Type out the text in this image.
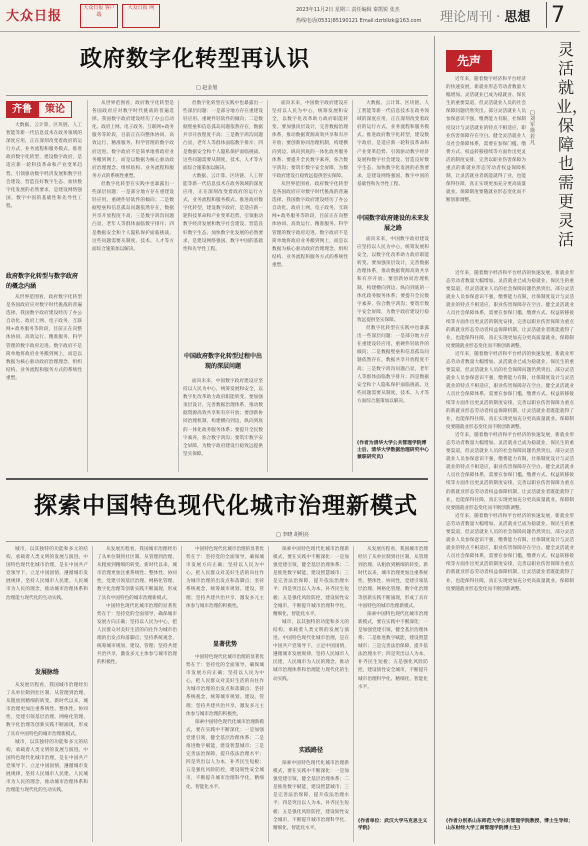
大众日报
大众日报 客户端
大众日报 网	2023年11月2日 星期三 责任编辑 秦凯锐 张杰
热线电话(0531)85190121 Email:dzrbllzk@163.com 理论周刊 · 思想 7
政府数字化转型再认识
□ 赵金旭
齐鲁	策论

大数据、云计算、区块链、人工智能等新一代信息技术在政务领域的深度应用，正在深刻改变着政府的运行方式、业务流程和服务模式。推进政府数字化转型，建设数字政府，是适应新一轮科技革命和产业变革趋势、引领驱动数字经济发展和数字社会建设、营造良好数字生态、加快数字化发展的必然要求，是建设网络强国、数字中国的基础性和先导性工程。

政府数字化转型与数字政府的概念内涵

从世界范围看，政府数字化转型是各国政府应对数字时代挑战的普遍选择。我国数字政府建设经历了办公自动化、政府上网、电子政务、互联网+政务服务等阶段，目前正在向整体协同、高效运行、精准服务、科学管理的数字政府迈进。数字政府不是简单地将政府业务搬到网上，而是以数据为核心驱动政府治理理念、组织结构、业务流程和服务方式的系统性重塑。

从世界范围看，政府数字化转型是各国政府应对数字时代挑战的普遍选择。我国数字政府建设经历了办公自动化、政府上网、电子政务、互联网+政务服务等阶段，目前正在向整体协同、高效运行、精准服务、科学管理的数字政府迈进。数字政府不是简单地将政府业务搬到网上，而是以数据为核心驱动政府治理理念、组织结构、业务流程和服务方式的系统性重塑。

但数字化转型在实践中也暴露出一些深层问题：一是部分地方存在重建设轻应用、重硬件轻软件的倾向；二是数据壁垒和信息孤岛问题依然存在，数据共享开放程度不高；三是数字鸿沟问题凸显，老年人等群体面临数字排斥；四是数据安全和个人隐私保护面临挑战。这些问题需要从制度、技术、人才等方面综合施策加以解决。

但数字化转型在实践中也暴露出一些深层问题：一是部分地方存在重建设轻应用、重硬件轻软件的倾向；二是数据壁垒和信息孤岛问题依然存在，数据共享开放程度不高；三是数字鸿沟问题凸显，老年人等群体面临数字排斥；四是数据安全和个人隐私保护面临挑战。这些问题需要从制度、技术、人才等方面综合施策加以解决。

大数据、云计算、区块链、人工智能等新一代信息技术在政务领域的深度应用，正在深刻改变着政府的运行方式、业务流程和服务模式。推进政府数字化转型，建设数字政府，是适应新一轮科技革命和产业变革趋势、引领驱动数字经济发展和数字社会建设、营造良好数字生态、加快数字化发展的必然要求，是建设网络强国、数字中国的基础性和先导性工程。

中国政府数字化转型过程中出现的深层问题

面向未来，中国数字政府建设应坚持以人民为中心，统筹发展和安全，以数字化改革助力政府职能转变。要加强顶层设计，完善数据治理体系，推动数据资源高效共享和有序开放；要创新协同治理机制，构建横向到边、纵向到底的一体化政务服务体系；要提升全民数字素养，弥合数字鸿沟；要筑牢数字安全屏障，为数字政府建设行稳致远提供坚实保障。

面向未来，中国数字政府建设应坚持以人民为中心，统筹发展和安全，以数字化改革助力政府职能转变。要加强顶层设计，完善数据治理体系，推动数据资源高效共享和有序开放；要创新协同治理机制，构建横向到边、纵向到底的一体化政务服务体系；要提升全民数字素养，弥合数字鸿沟；要筑牢数字安全屏障，为数字政府建设行稳致远提供坚实保障。

从世界范围看，政府数字化转型是各国政府应对数字时代挑战的普遍选择。我国数字政府建设经历了办公自动化、政府上网、电子政务、互联网+政务服务等阶段，目前正在向整体协同、高效运行、精准服务、科学管理的数字政府迈进。数字政府不是简单地将政府业务搬到网上，而是以数据为核心驱动政府治理理念、组织结构、业务流程和服务方式的系统性重塑。

大数据、云计算、区块链、人工智能等新一代信息技术在政务领域的深度应用，正在深刻改变着政府的运行方式、业务流程和服务模式。推进政府数字化转型，建设数字政府，是适应新一轮科技革命和产业变革趋势、引领驱动数字经济发展和数字社会建设、营造良好数字生态、加快数字化发展的必然要求，是建设网络强国、数字中国的基础性和先导性工程。

中国数字政府建设的未来发展之路

面向未来，中国数字政府建设应坚持以人民为中心，统筹发展和安全，以数字化改革助力政府职能转变。要加强顶层设计，完善数据治理体系，推动数据资源高效共享和有序开放；要创新协同治理机制，构建横向到边、纵向到底的一体化政务服务体系；要提升全民数字素养，弥合数字鸿沟；要筑牢数字安全屏障，为数字政府建设行稳致远提供坚实保障。

但数字化转型在实践中也暴露出一些深层问题：一是部分地方存在重建设轻应用、重硬件轻软件的倾向；二是数据壁垒和信息孤岛问题依然存在，数据共享开放程度不高；三是数字鸿沟问题凸显，老年人等群体面临数字排斥；四是数据安全和个人隐私保护面临挑战。这些问题需要从制度、技术、人才等方面综合施策加以解决。

(作者为清华大学公共管理学院博士后、清华大学数据治理研究中心兼职研究员)
探索中国特色现代化城市治理新模式
□ 李晓 胡明亮

城市，以其独特的功能和多元的结构，承载着人类文明的发展与演进。中国特色现代化城市治理，是在中国共产党领导下，立足中国国情，遵循城市发展规律，坚持人民城市人民建、人民城市为人民的理念，推动城市治理体系和治理能力现代化的生动实践。

发展脉络

从发展历程看，我国城市治理经历了从单位制到社区制、从管理到治理、从粗放到精细的转变。新时代以来，城市治理更加注重系统性、整体性、协同性，党建引领基层治理、网格化管理、数字化治理等创新实践不断涌现，形成了具有中国特色的城市治理新模式。

城市，以其独特的功能和多元的结构，承载着人类文明的发展与演进。中国特色现代化城市治理，是在中国共产党领导下，立足中国国情，遵循城市发展规律，坚持人民城市人民建、人民城市为人民的理念，推动城市治理体系和治理能力现代化的生动实践。

从发展历程看，我国城市治理经历了从单位制到社区制、从管理到治理、从粗放到精细的转变。新时代以来，城市治理更加注重系统性、整体性、协同性，党建引领基层治理、网格化管理、数字化治理等创新实践不断涌现，形成了具有中国特色的城市治理新模式。

中国特色现代化城市治理的显著优势在于：坚持党的全面领导，确保城市发展方向正确；坚持以人民为中心，把人民群众对美好生活的向往作为城市治理的出发点和落脚点；坚持系统观念，统筹城市规划、建设、管理；坚持共建共治共享，激发多元主体参与城市治理的积极性。

中国特色现代化城市治理的显著优势在于：坚持党的全面领导，确保城市发展方向正确；坚持以人民为中心，把人民群众对美好生活的向往作为城市治理的出发点和落脚点；坚持系统观念，统筹城市规划、建设、管理；坚持共建共治共享，激发多元主体参与城市治理的积极性。

显著优势

中国特色现代化城市治理的显著优势在于：坚持党的全面领导，确保城市发展方向正确；坚持以人民为中心，把人民群众对美好生活的向往作为城市治理的出发点和落脚点；坚持系统观念，统筹城市规划、建设、管理；坚持共建共治共享，激发多元主体参与城市治理的积极性。

探索中国特色现代化城市治理新模式，要在实践中不断深化：一是加强党建引领，健全基层治理体系；二是推进数字赋能，建设智慧城市；三是完善法治保障，提升依法治理水平；四是突出以人为本，补齐民生短板；五是强化风险防控，建设韧性安全城市，不断提升城市治理科学化、精细化、智能化水平。

探索中国特色现代化城市治理新模式，要在实践中不断深化：一是加强党建引领，健全基层治理体系；二是推进数字赋能，建设智慧城市；三是完善法治保障，提升依法治理水平；四是突出以人为本，补齐民生短板；五是强化风险防控，建设韧性安全城市，不断提升城市治理科学化、精细化、智能化水平。

城市，以其独特的功能和多元的结构，承载着人类文明的发展与演进。中国特色现代化城市治理，是在中国共产党领导下，立足中国国情，遵循城市发展规律，坚持人民城市人民建、人民城市为人民的理念，推动城市治理体系和治理能力现代化的生动实践。

实践路径

探索中国特色现代化城市治理新模式，要在实践中不断深化：一是加强党建引领，健全基层治理体系；二是推进数字赋能，建设智慧城市；三是完善法治保障，提升依法治理水平；四是突出以人为本，补齐民生短板；五是强化风险防控，建设韧性安全城市，不断提升城市治理科学化、精细化、智能化水平。

从发展历程看，我国城市治理经历了从单位制到社区制、从管理到治理、从粗放到精细的转变。新时代以来，城市治理更加注重系统性、整体性、协同性，党建引领基层治理、网格化管理、数字化治理等创新实践不断涌现，形成了具有中国特色的城市治理新模式。

探索中国特色现代化城市治理新模式，要在实践中不断深化：一是加强党建引领，健全基层治理体系；二是推进数字赋能，建设智慧城市；三是完善法治保障，提升依法治理水平；四是突出以人为本，补齐民生短板；五是强化风险防控，建设韧性安全城市，不断提升城市治理科学化、精细化、智能化水平。

(作者单位：武汉大学马克思主义学院)
先声
灵活就业，保障也需更灵活
□ 刘军 徐若凡

近年来，随着数字经济和平台经济的快速发展，新就业形态劳动者数量大幅增加。灵活就业已成为稳就业、保民生的重要渠道，但灵活就业人员的社会保障问题仍然突出。部分灵活就业人员参保意识不强，缴费能力有限，社保制度设计与灵活就业的特点不相适应，职业伤害保障存在空白。健全灵活就业人员社会保障体系，需要在参保门槛、缴费方式、权益转移接续等方面作出更灵活的制度安排，完善以职业伤害保障为重点的新就业形态劳动者权益保障机制，让灵活就业者既能就得了业，也能保得住障，真正实现更加充分更高质量就业。保障制度要随就业形态变化而不断创新调整。

近年来，随着数字经济和平台经济的快速发展，新就业形态劳动者数量大幅增加。灵活就业已成为稳就业、保民生的重要渠道，但灵活就业人员的社会保障问题仍然突出。部分灵活就业人员参保意识不强，缴费能力有限，社保制度设计与灵活就业的特点不相适应，职业伤害保障存在空白。健全灵活就业人员社会保障体系，需要在参保门槛、缴费方式、权益转移接续等方面作出更灵活的制度安排，完善以职业伤害保障为重点的新就业形态劳动者权益保障机制，让灵活就业者既能就得了业，也能保得住障，真正实现更加充分更高质量就业。保障制度要随就业形态变化而不断创新调整。

近年来，随着数字经济和平台经济的快速发展，新就业形态劳动者数量大幅增加。灵活就业已成为稳就业、保民生的重要渠道，但灵活就业人员的社会保障问题仍然突出。部分灵活就业人员参保意识不强，缴费能力有限，社保制度设计与灵活就业的特点不相适应，职业伤害保障存在空白。健全灵活就业人员社会保障体系，需要在参保门槛、缴费方式、权益转移接续等方面作出更灵活的制度安排，完善以职业伤害保障为重点的新就业形态劳动者权益保障机制，让灵活就业者既能就得了业，也能保得住障，真正实现更加充分更高质量就业。保障制度要随就业形态变化而不断创新调整。

近年来，随着数字经济和平台经济的快速发展，新就业形态劳动者数量大幅增加。灵活就业已成为稳就业、保民生的重要渠道，但灵活就业人员的社会保障问题仍然突出。部分灵活就业人员参保意识不强，缴费能力有限，社保制度设计与灵活就业的特点不相适应，职业伤害保障存在空白。健全灵活就业人员社会保障体系，需要在参保门槛、缴费方式、权益转移接续等方面作出更灵活的制度安排，完善以职业伤害保障为重点的新就业形态劳动者权益保障机制，让灵活就业者既能就得了业，也能保得住障，真正实现更加充分更高质量就业。保障制度要随就业形态变化而不断创新调整。

近年来，随着数字经济和平台经济的快速发展，新就业形态劳动者数量大幅增加。灵活就业已成为稳就业、保民生的重要渠道，但灵活就业人员的社会保障问题仍然突出。部分灵活就业人员参保意识不强，缴费能力有限，社保制度设计与灵活就业的特点不相适应，职业伤害保障存在空白。健全灵活就业人员社会保障体系，需要在参保门槛、缴费方式、权益转移接续等方面作出更灵活的制度安排，完善以职业伤害保障为重点的新就业形态劳动者权益保障机制，让灵活就业者既能就得了业，也能保得住障，真正实现更加充分更高质量就业。保障制度要随就业形态变化而不断创新调整。

(作者分别系山东师范大学公共管理学院教授、博士生导师；山东财经大学工商管理学院博士生)
